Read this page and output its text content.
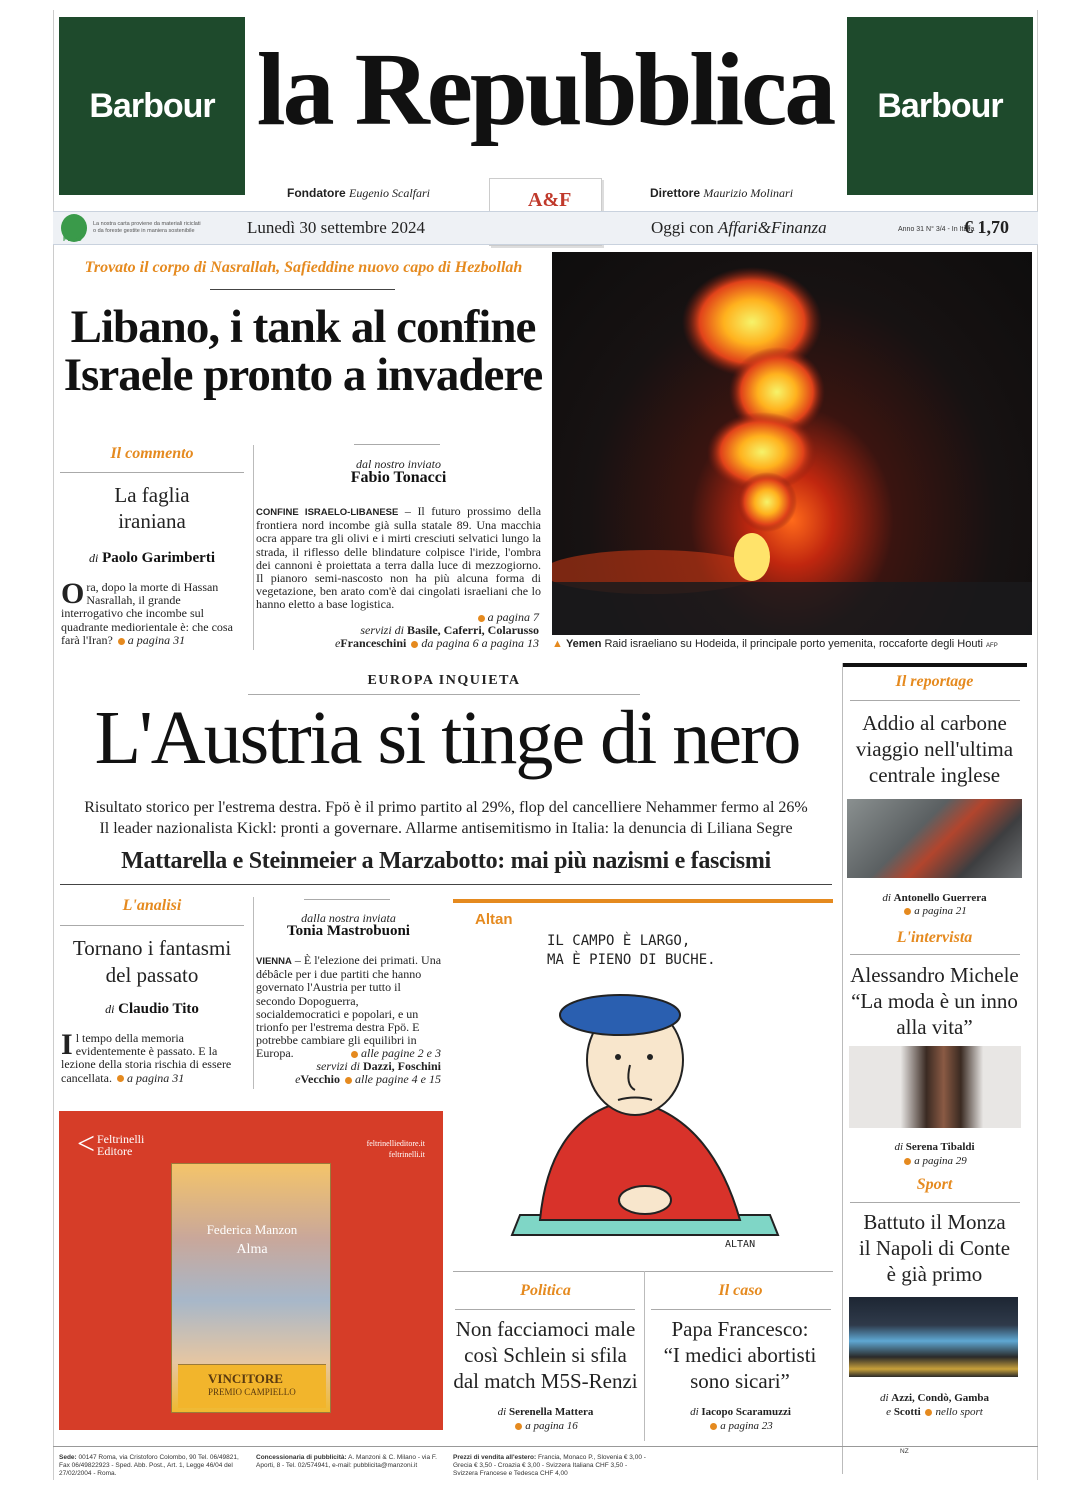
Barbour	Barbour
la Repubblica
Fondatore Eugenio Scalfari	Direttore Maurizio Molinari
A&F
PEFC
La nostra carta proviene da materiali riciclati o da foreste gestite in maniera sostenibile	Lunedì 30 settembre 2024	Oggi con Affari&Finanza	Anno 31 N° 3/4 - In Italia
€ 1,70
Trovato il corpo di Nasrallah, Safieddine nuovo capo di Hezbollah
Libano, i tank al confine
Israele pronto a invadere
▲ Yemen Raid israeliano su Hodeida, il principale porto yemenita, roccaforte degli Houti AFP
Il commento
La faglia
iraniana
di Paolo Garimberti
Ora, dopo la morte di Hassan Nasrallah, il grande interrogativo che incombe sul quadrante mediorientale è: che cosa farà l'Iran? a pagina 31
dal nostro inviato
Fabio Tonacci
CONFINE ISRAELO-LIBANESE – Il futuro prossimo della frontiera nord incombe già sulla statale 89. Una macchia ocra appare tra gli olivi e i mirti cresciuti selvatici lungo la strada, il riflesso delle blindature colpisce l'iride, l'ombra dei cannoni è proiettata a terra dalla luce di mezzogiorno. Il pianoro semi-nascosto non ha più alcuna forma di vegetazione, ben arato com'è dai cingolati israeliani che lo hanno eletto a base logistica.
a pagina 7
servizi di Basile, Caferri, Colarusso
eFranceschini da pagina 6 a pagina 13
EUROPA INQUIETA
L'Austria si tinge di nero
Risultato storico per l'estrema destra. Fpö è il primo partito al 29%, flop del cancelliere Nehammer fermo al 26%
Il leader nazionalista Kickl: pronti a governare. Allarme antisemitismo in Italia: la denuncia di Liliana Segre
Mattarella e Steinmeier a Marzabotto: mai più nazismi e fascismi
L'analisi
Tornano i fantasmi
del passato
di Claudio Tito
Il tempo della memoria evidentemente è passato. E la lezione della storia rischia di essere cancellata. a pagina 31
dalla nostra inviata
Tonia Mastrobuoni
VIENNA – È l'elezione dei primati. Una débâcle per i due partiti che hanno governato l'Austria per tutto il secondo Dopoguerra, socialdemocratici e popolari, e un trionfo per l'estrema destra Fpö. E potrebbe cambiare gli equilibri in Europa.	alle pagine 2 e 3
servizi di Dazzi, Foschini
eVecchio alle pagine 4 e 15
Altan
IL CAMPO È LARGO,
MA È PIENO DI BUCHE.
ALTAN
< Feltrinelli
Editore
feltrinellieditore.it
feltrinelli.it
Federica Manzon
Alma
VINCITORE
PREMIO CAMPIELLO
Il reportage
Addio al carbone
viaggio nell'ultima
centrale inglese
di Antonello Guerrera
a pagina 21
L'intervista
Alessandro Michele
“La moda è un inno
alla vita”
di Serena Tibaldi
a pagina 29
Sport
Battuto il Monza
il Napoli di Conte
è già primo
di Azzi, Condò, Gamba
e Scotti nello sport
Politica
Non facciamoci male
così Schlein si sfila
dal match M5S-Renzi
di Serenella Mattera
a pagina 16
Il caso
Papa Francesco:
“I medici abortisti
sono sicari”
di Iacopo Scaramuzzi
a pagina 23
Sede: 00147 Roma, via Cristoforo Colombo, 90 Tel. 06/49821, Fax 06/49822923 - Sped. Abb. Post., Art. 1, Legge 46/04 del 27/02/2004 - Roma.
Concessionaria di pubblicità: A. Manzoni & C. Milano - via F. Aporti, 8 - Tel. 02/574941, e-mail: pubblicita@manzoni.it
Prezzi di vendita all'estero: Francia, Monaco P., Slovenia € 3,00 - Grecia € 3,50 - Croazia € 3,00 - Svizzera Italiana CHF 3,50 - Svizzera Francese e Tedesca CHF 4,00
NZ
